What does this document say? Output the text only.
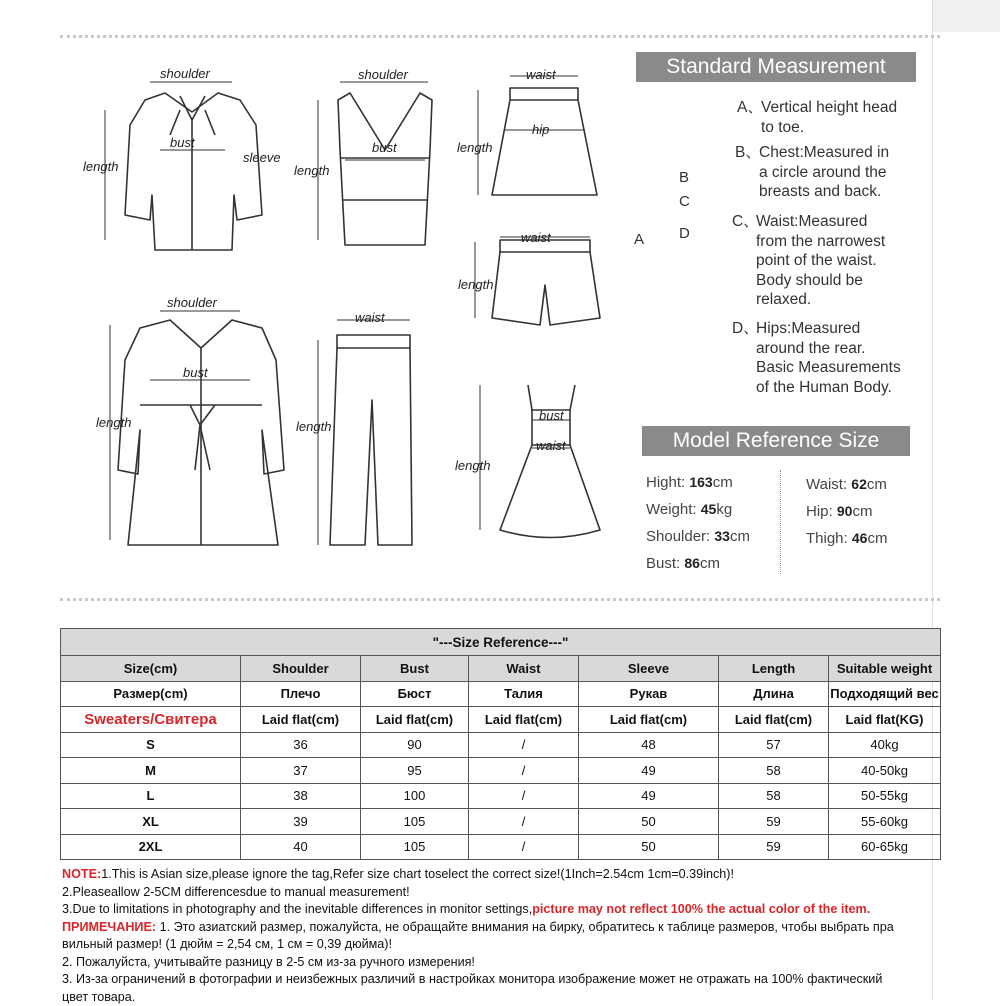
shoulder
bust
sleeve
length
shoulder
bust
length
waist
hip
length
waist
length
shoulder
bust
length
waist
length
bust
waist
length
B
C
A D
Standard Measurement
A、
Vertical height head
to toe.
B、
Chest:Measured in
a circle around the
breasts and back.
C、
Waist:Measured
from the narrowest
point of the waist.
Body should be
relaxed.
D、
Hips:Measured
around the rear.
Basic Measurements
of the Human Body.
Model Reference Size
Hight: 163cm
Weight: 45kg
Shoulder: 33cm
Bust: 86cm
Waist: 62cm
Hip: 90cm
Thigh: 46cm
"---Size Reference---"						
Size(cm)	Shoulder	Bust	Waist	Sleeve	Length	Suitable weight
Размер(cm)	Плечо	Бюст	Талия	Рукав	Длина	Подходящий вес
Sweaters/Свитера	Laid flat(cm)	Laid flat(cm)	Laid flat(cm)	Laid flat(cm)	Laid flat(cm)	Laid flat(KG)
S	36	90	/	48	57	40kg
M	37	95	/	49	58	40-50kg
L	38	100	/	49	58	50-55kg
XL	39	105	/	50	59	55-60kg
2XL	40	105	/	50	59	60-65kg

NOTE:1.This is Asian size,please ignore the tag,Refer size chart toselect the correct size!(1Inch=2.54cm 1cm=0.39inch)!

2.Pleaseallow 2-5CM differencesdue to manual measurement!

3.Due to limitations in photography and the inevitable differences in monitor settings,picture may not reflect 100% the actual color of the item.

ПРИМЕЧАНИЕ: 1. Это азиатский размер, пожалуйста, не обращайте внимания на бирку, обратитесь к таблице размеров, чтобы выбрать пра

вильный размер! (1 дюйм = 2,54 см, 1 см = 0,39 дюйма)!

2. Пожалуйста, учитывайте разницу в 2-5 см из-за ручного измерения!

3. Из-за ограничений в фотографии и неизбежных различий в настройках монитора изображение может не отражать на 100% фактический

цвет товара.
